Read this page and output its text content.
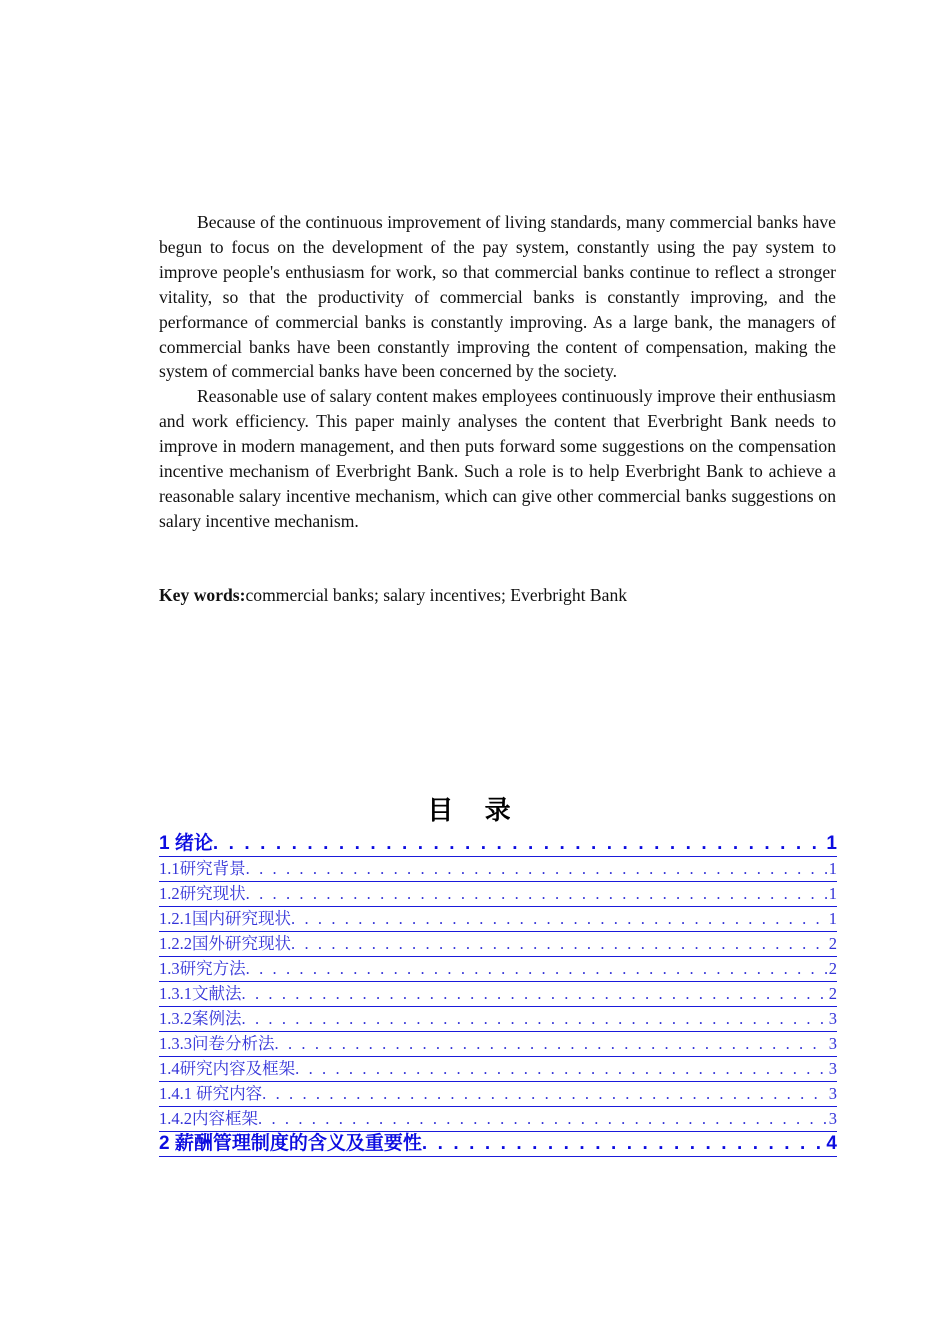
Because of the continuous improvement of living standards, many commercial banks have begun to focus on the development of the pay system, constantly using the pay system to improve people's enthusiasm for work, so that commercial banks continue to reflect a stronger vitality, so that the productivity of commercial banks is constantly improving, and the performance of commercial banks is constantly improving. As a large bank, the managers of commercial banks have been constantly improving the content of compensation, making the system of commercial banks have been concerned by the society.

Reasonable use of salary content makes employees continuously improve their enthusiasm and work efficiency. This paper mainly analyses the content that Everbright Bank needs to improve in modern management, and then puts forward some suggestions on the compensation incentive mechanism of Everbright Bank. Such a role is to help Everbright Bank to achieve a reasonable salary incentive mechanism, which can give other commercial banks suggestions on salary incentive mechanism.

Key words:commercial banks; salary incentives; Everbright Bank
目 录
1 绪论 . . .	1
1.1研究背景 . . .	1
1.2研究现状 . . .	1
1.2.1国内研究现状 . . .	1
1.2.2国外研究现状 . . .	2
1.3研究方法 . . .	2
1.3.1文献法 . . .	2
1.3.2案例法 . . .	3
1.3.3问卷分析法 . . .	3
1.4研究内容及框架 . . .	3
1.4.1 研究内容 . . .	3
1.4.2内容框架 . . .	3
2 薪酬管理制度的含义及重要性 . . .	4
